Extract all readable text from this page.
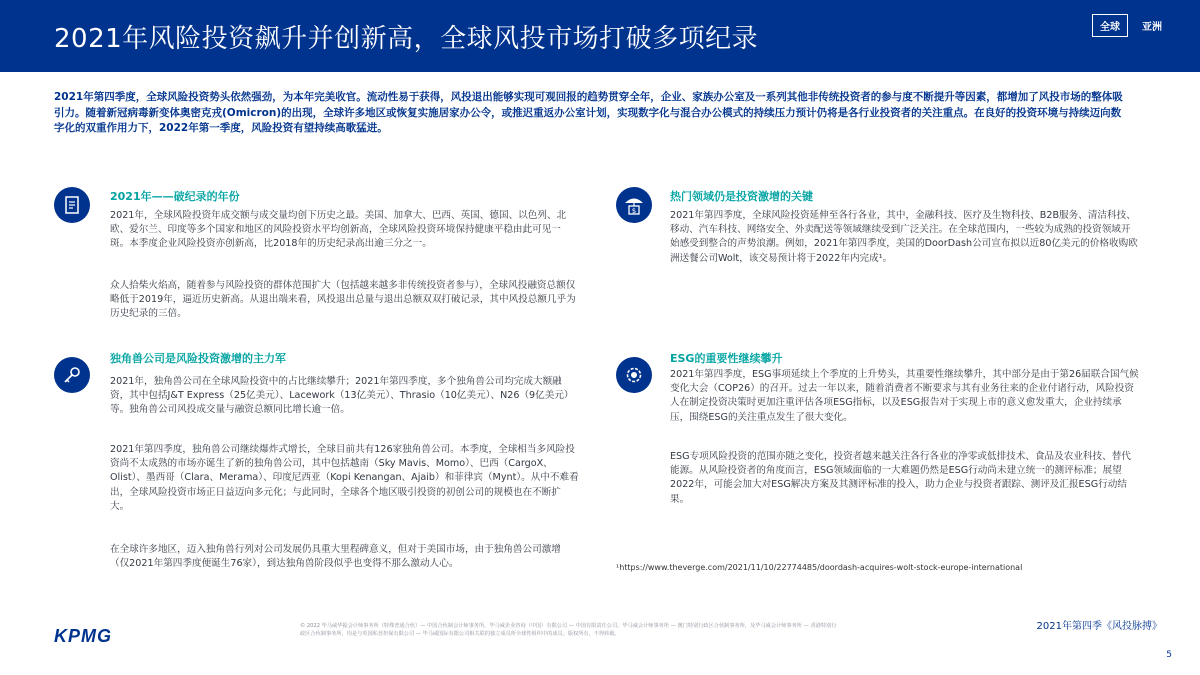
2021年风险投资飙升并创新高，全球风投市场打破多项纪录	全球	亚洲
2021年第四季度，全球风险投资势头依然强劲，为本年完美收官。流动性易于获得，风投退出能够实现可观回报的趋势贯穿全年，企业、家族办公室及一系列其他非传统投资者的参与度不断提升等因素，都增加了风投市场的整体吸引力。随着新冠病毒新变体奥密克戎(Omicron)的出现，全球许多地区或恢复实施居家办公令，或推迟重返办公室计划，实现数字化与混合办公模式的持续压力预计仍将是各行业投资者的关注重点。在良好的投资环境与持续迈向数字化的双重作用力下，2022年第一季度，风险投资有望持续高歌猛进。
2021年——破纪录的年份
2021年，全球风险投资年成交额与成交量均创下历史之最。美国、加拿大、巴西、英国、德国、以色列、北欧、爱尔兰、印度等多个国家和地区的风险投资水平均创新高，全球风险投资环境保持健康平稳由此可见一斑。本季度企业风险投资亦创新高，比2018年的历史纪录高出逾三分之一。
众人拾柴火焰高，随着参与风险投资的群体范围扩大（包括越来越多非传统投资者参与），全球风投融资总额仅略低于2019年，逼近历史新高。从退出端来看，风投退出总量与退出总额双双打破记录，其中风投总额几乎为历史纪录的三倍。
$
热门领域仍是投资激增的关键
2021年第四季度，全球风险投资延伸至各行各业，其中，金融科技、医疗及生物科技、B2B服务、清洁科技、移动、汽车科技、网络安全、外卖配送等领域继续受到广泛关注。在全球范围内，一些较为成熟的投资领域开始感受到整合的声势浪潮。例如，2021年第四季度，美国的DoorDash公司宣布拟以近80亿美元的价格收购欧洲送餐公司Wolt，该交易预计将于2022年内完成¹。
独角兽公司是风险投资激增的主力军
2021年，独角兽公司在全球风险投资中的占比继续攀升；2021年第四季度，多个独角兽公司均完成大额融资，其中包括J&T Express（25亿美元）、Lacework（13亿美元）、Thrasio（10亿美元）、N26（9亿美元）等。独角兽公司风投成交量与融资总额同比增长逾一倍。
2021年第四季度，独角兽公司继续爆炸式增长，全球目前共有126家独角兽公司。本季度，全球相当多风险投资尚不太成熟的市场亦诞生了新的独角兽公司，其中包括越南（Sky Mavis、Momo）、巴西（CargoX、Olist）、墨西哥（Clara、Merama）、印度尼西亚（Kopi Kenangan、Ajaib）和菲律宾（Mynt）。从中不难看出，全球风险投资市场正日益迈向多元化；与此同时，全球各个地区吸引投资的初创公司的规模也在不断扩大。
在全球许多地区，迈入独角兽行列对公司发展仍具重大里程碑意义，但对于美国市场，由于独角兽公司激增（仅2021年第四季度便诞生76家），到达独角兽阶段似乎也变得不那么激动人心。
ESG的重要性继续攀升
2021年第四季度，ESG事项延续上个季度的上升势头，其重要性继续攀升，其中部分是由于第26届联合国气候变化大会（COP26）的召开。过去一年以来，随着消费者不断要求与其有业务往来的企业付诸行动，风险投资人在制定投资决策时更加注重评估各项ESG指标，以及ESG报告对于实现上市的意义愈发重大，企业持续承压，围绕ESG的关注重点发生了很大变化。
ESG专项风险投资的范围亦随之变化，投资者越来越关注各行各业的净零或低排技术、食品及农业科技、替代能源。从风险投资者的角度而言，ESG领域面临的一大难题仍然是ESG行动尚未建立统一的测评标准；展望2022年，可能会加大对ESG解决方案及其测评标准的投入，助力企业与投资者跟踪、测评及汇报ESG行动结果。
¹https://www.theverge.com/2021/11/10/22774485/doordash-acquires-wolt-stock-europe-international
KPMG	© 2022 毕马威华振会计师事务所（特殊普通合伙）— 中国合伙制会计师事务所，毕马威企业咨询（中国）有限公司 — 中国有限责任公司，毕马威会计师事务所 — 澳门特别行政区合伙制事务所，及毕马威会计师事务所 — 香港特别行政区合伙制事务所，均是与英国私营担保有限公司 — 毕马威国际有限公司相关联的独立成员所全球性组织中的成员。版权所有，不得转载。
2021年第四季《风投脉搏》
5
